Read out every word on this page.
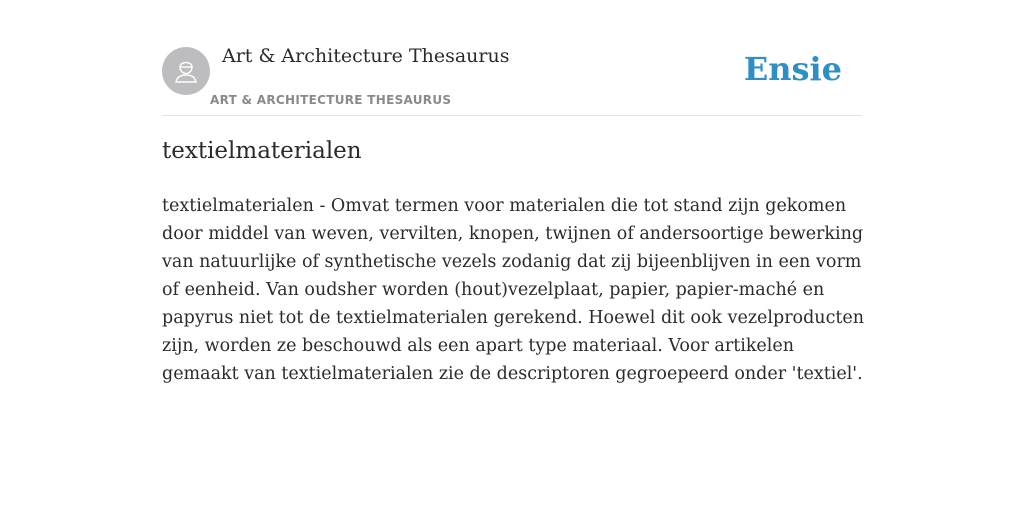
Art & Architecture Thesaurus
ART & ARCHITECTURE THESAURUS
Ensie
textielmaterialen

textielmaterialen - Omvat termen voor materialen die tot stand zijn gekomen door middel van weven, vervilten, knopen, twijnen of andersoortige bewerking van natuurlijke of synthetische vezels zodanig dat zij bijeenblijven in een vorm of eenheid. Van oudsher worden (hout)vezelplaat, papier, papier-maché en papyrus niet tot de textielmaterialen gerekend. Hoewel dit ook vezelproducten zijn, worden ze beschouwd als een apart type materiaal. Voor artikelen gemaakt van textielmaterialen zie de descriptoren gegroepeerd onder 'textiel'.
